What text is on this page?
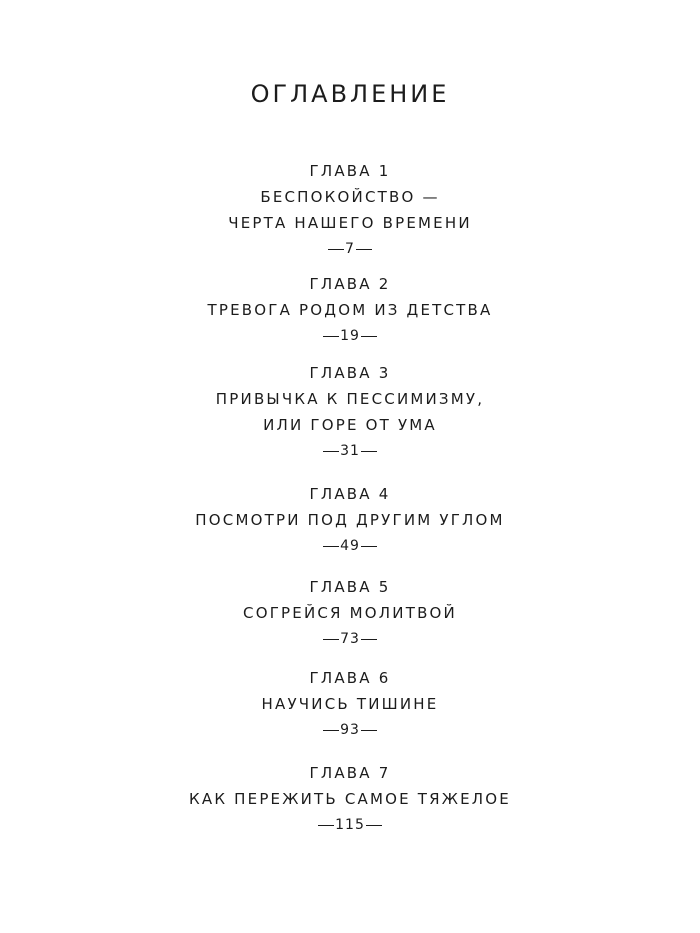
ОГЛАВЛЕНИЕ
ГЛАВА 1
БЕСПОКОЙСТВО —
ЧЕРТА НАШЕГО ВРЕМЕНИ
7
ГЛАВА 2
ТРЕВОГА РОДОМ ИЗ ДЕТСТВА
19
ГЛАВА 3
ПРИВЫЧКА К ПЕССИМИЗМУ,
ИЛИ ГОРЕ ОТ УМА
31
ГЛАВА 4
ПОСМОТРИ ПОД ДРУГИМ УГЛОМ
49
ГЛАВА 5
СОГРЕЙСЯ МОЛИТВОЙ
73
ГЛАВА 6
НАУЧИСЬ ТИШИНЕ
93
ГЛАВА 7
КАК ПЕРЕЖИТЬ САМОЕ ТЯЖЕЛОЕ
115
